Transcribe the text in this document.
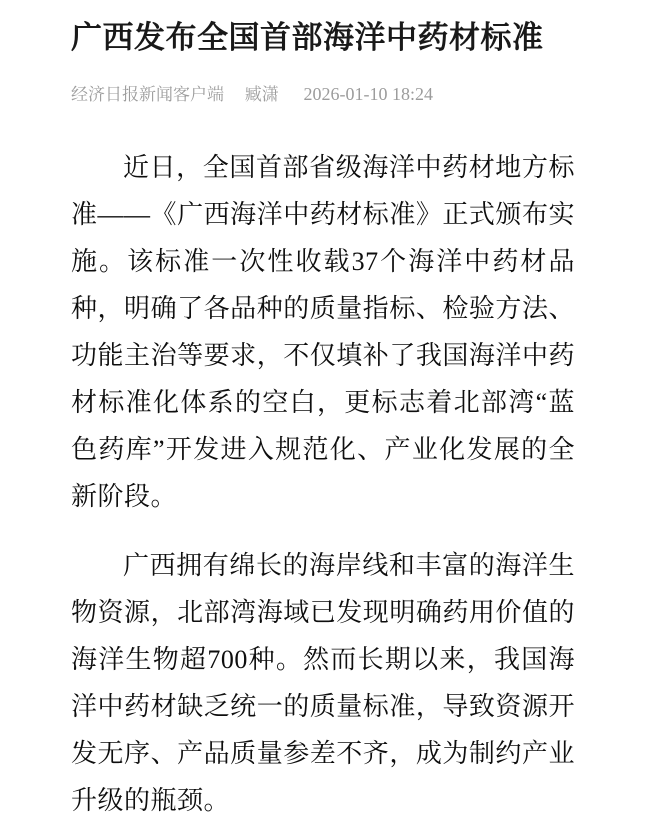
广西发布全国首部海洋中药材标准
经济日报新闻客户端 臧潇 2026-01-10 18:24

近日，全国首部省级海洋中药材地方标准——《广西海洋中药材标准》正式颁布实施。该标准一次性收载37个海洋中药材品种，明确了各品种的质量指标、检验方法、功能主治等要求，不仅填补了我国海洋中药材标准化体系的空白，更标志着北部湾“蓝色药库”开发进入规范化、产业化发展的全新阶段。

广西拥有绵长的海岸线和丰富的海洋生物资源，北部湾海域已发现明确药用价值的海洋生物超700种。然而长期以来，我国海洋中药材缺乏统一的质量标准，导致资源开发无序、产品质量参差不齐，成为制约产业升级的瓶颈。
